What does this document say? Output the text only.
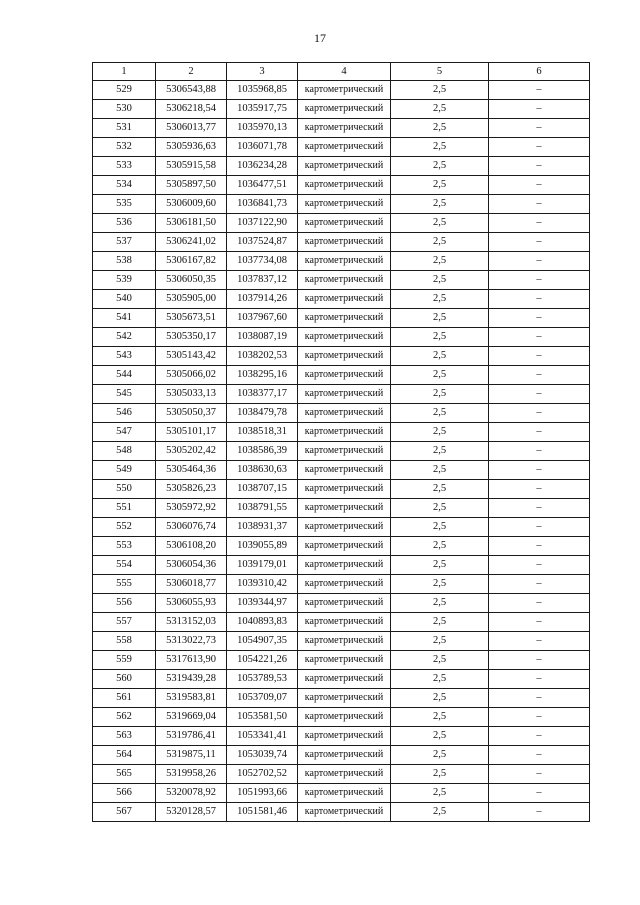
17
1	2	3	4	5	6
529	5306543,88	1035968,85	картометрический	2,5	–
530	5306218,54	1035917,75	картометрический	2,5	–
531	5306013,77	1035970,13	картометрический	2,5	–
532	5305936,63	1036071,78	картометрический	2,5	–
533	5305915,58	1036234,28	картометрический	2,5	–
534	5305897,50	1036477,51	картометрический	2,5	–
535	5306009,60	1036841,73	картометрический	2,5	–
536	5306181,50	1037122,90	картометрический	2,5	–
537	5306241,02	1037524,87	картометрический	2,5	–
538	5306167,82	1037734,08	картометрический	2,5	–
539	5306050,35	1037837,12	картометрический	2,5	–
540	5305905,00	1037914,26	картометрический	2,5	–
541	5305673,51	1037967,60	картометрический	2,5	–
542	5305350,17	1038087,19	картометрический	2,5	–
543	5305143,42	1038202,53	картометрический	2,5	–
544	5305066,02	1038295,16	картометрический	2,5	–
545	5305033,13	1038377,17	картометрический	2,5	–
546	5305050,37	1038479,78	картометрический	2,5	–
547	5305101,17	1038518,31	картометрический	2,5	–
548	5305202,42	1038586,39	картометрический	2,5	–
549	5305464,36	1038630,63	картометрический	2,5	–
550	5305826,23	1038707,15	картометрический	2,5	–
551	5305972,92	1038791,55	картометрический	2,5	–
552	5306076,74	1038931,37	картометрический	2,5	–
553	5306108,20	1039055,89	картометрический	2,5	–
554	5306054,36	1039179,01	картометрический	2,5	–
555	5306018,77	1039310,42	картометрический	2,5	–
556	5306055,93	1039344,97	картометрический	2,5	–
557	5313152,03	1040893,83	картометрический	2,5	–
558	5313022,73	1054907,35	картометрический	2,5	–
559	5317613,90	1054221,26	картометрический	2,5	–
560	5319439,28	1053789,53	картометрический	2,5	–
561	5319583,81	1053709,07	картометрический	2,5	–
562	5319669,04	1053581,50	картометрический	2,5	–
563	5319786,41	1053341,41	картометрический	2,5	–
564	5319875,11	1053039,74	картометрический	2,5	–
565	5319958,26	1052702,52	картометрический	2,5	–
566	5320078,92	1051993,66	картометрический	2,5	–
567	5320128,57	1051581,46	картометрический	2,5	–
